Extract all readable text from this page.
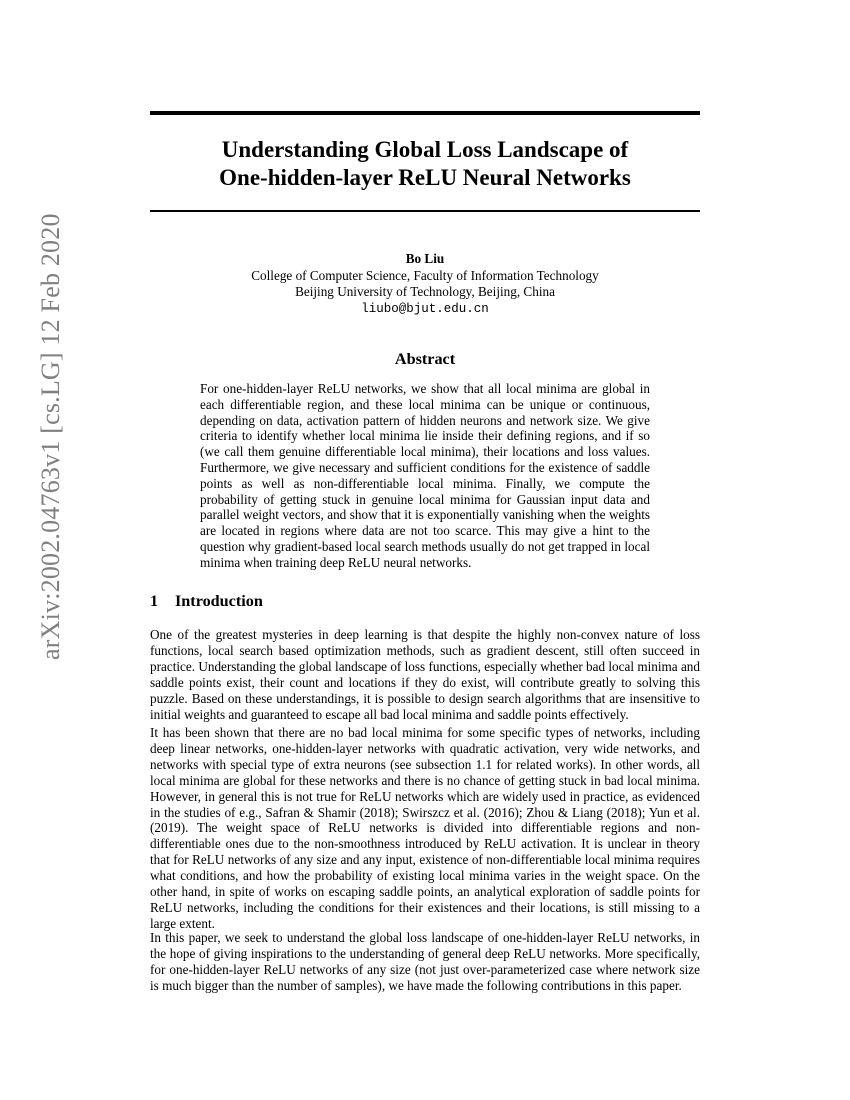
arXiv:2002.04763v1 [cs.LG] 12 Feb 2020
Understanding Global Loss Landscape of
One-hidden-layer ReLU Neural Networks
Bo Liu
College of Computer Science, Faculty of Information Technology
Beijing University of Technology, Beijing, China
liubo@bjut.edu.cn
Abstract
For one-hidden-layer ReLU networks, we show that all local minima are global in each differentiable region, and these local minima can be unique or continuous, depending on data, activation pattern of hidden neurons and network size. We give criteria to identify whether local minima lie inside their defining regions, and if so (we call them genuine differentiable local minima), their locations and loss values. Furthermore, we give necessary and sufficient conditions for the existence of saddle points as well as non-differentiable local minima. Finally, we compute the probability of getting stuck in genuine local minima for Gaussian input data and parallel weight vectors, and show that it is exponentially vanishing when the weights are located in regions where data are not too scarce. This may give a hint to the question why gradient-based local search methods usually do not get trapped in local minima when training deep ReLU neural networks.
1 Introduction

One of the greatest mysteries in deep learning is that despite the highly non-convex nature of loss functions, local search based optimization methods, such as gradient descent, still often succeed in practice. Understanding the global landscape of loss functions, especially whether bad local minima and saddle points exist, their count and locations if they do exist, will contribute greatly to solving this puzzle. Based on these understandings, it is possible to design search algorithms that are insensitive to initial weights and guaranteed to escape all bad local minima and saddle points effectively.

It has been shown that there are no bad local minima for some specific types of networks, including deep linear networks, one-hidden-layer networks with quadratic activation, very wide networks, and networks with special type of extra neurons (see subsection 1.1 for related works). In other words, all local minima are global for these networks and there is no chance of getting stuck in bad local minima. However, in general this is not true for ReLU networks which are widely used in practice, as evidenced in the studies of e.g., Safran & Shamir (2018); Swirszcz et al. (2016); Zhou & Liang (2018); Yun et al. (2019). The weight space of ReLU networks is divided into differentiable regions and non-differentiable ones due to the non-smoothness introduced by ReLU activation. It is unclear in theory that for ReLU networks of any size and any input, existence of non-differentiable local minima requires what conditions, and how the probability of existing local minima varies in the weight space. On the other hand, in spite of works on escaping saddle points, an analytical exploration of saddle points for ReLU networks, including the conditions for their existences and their locations, is still missing to a large extent.

In this paper, we seek to understand the global loss landscape of one-hidden-layer ReLU networks, in the hope of giving inspirations to the understanding of general deep ReLU networks. More specifically, for one-hidden-layer ReLU networks of any size (not just over-parameterized case where network size is much bigger than the number of samples), we have made the following contributions in this paper.
